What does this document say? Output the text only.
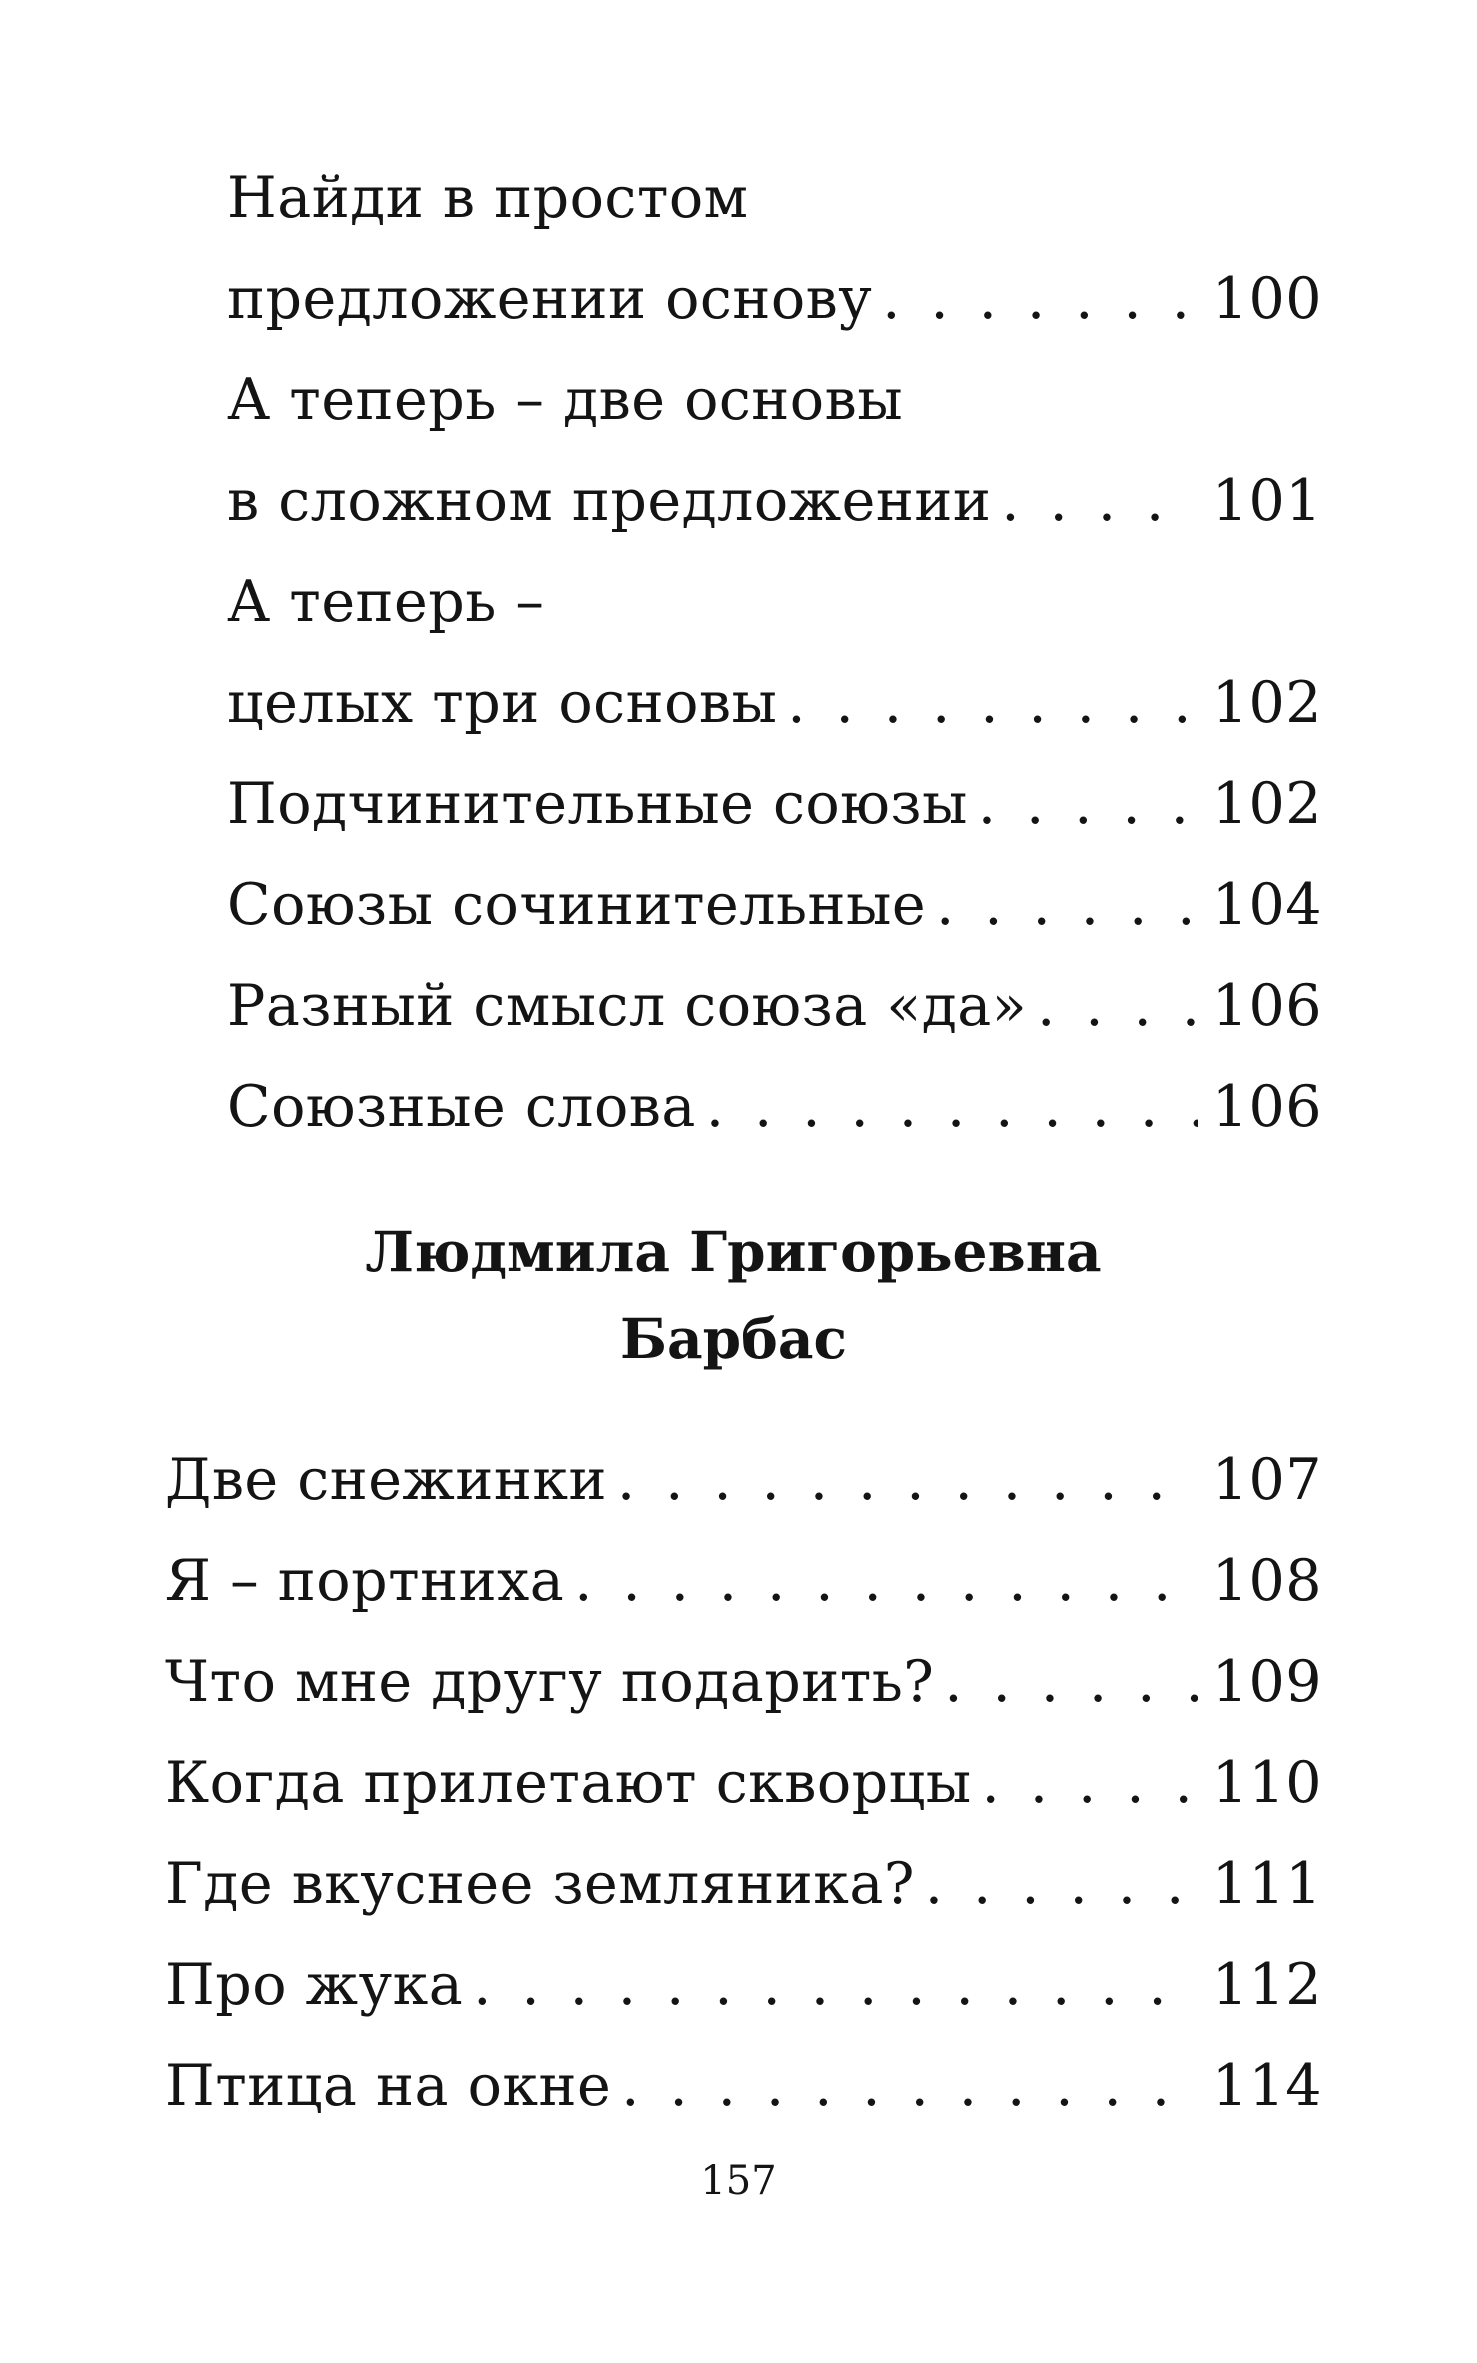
Найди в простом
предложении основу . . .	100
А теперь – две основы
в сложном предложении . . .	101
А теперь –
целых три основы . . .	102
Подчинительные союзы . . .	102
Союзы сочинительные . . .	104
Разный смысл союза «да» . . .	106
Союзные слова . . .	106
Людмила Григорьевна
Барбас
Две снежинки . . .	107
Я – портниха . . .	108
Что мне другу подарить? . . .	109
Когда прилетают скворцы . . .	110
Где вкуснее земляника? . . .	111
Про жука . . .	112
Птица на окне . . .	114
157
